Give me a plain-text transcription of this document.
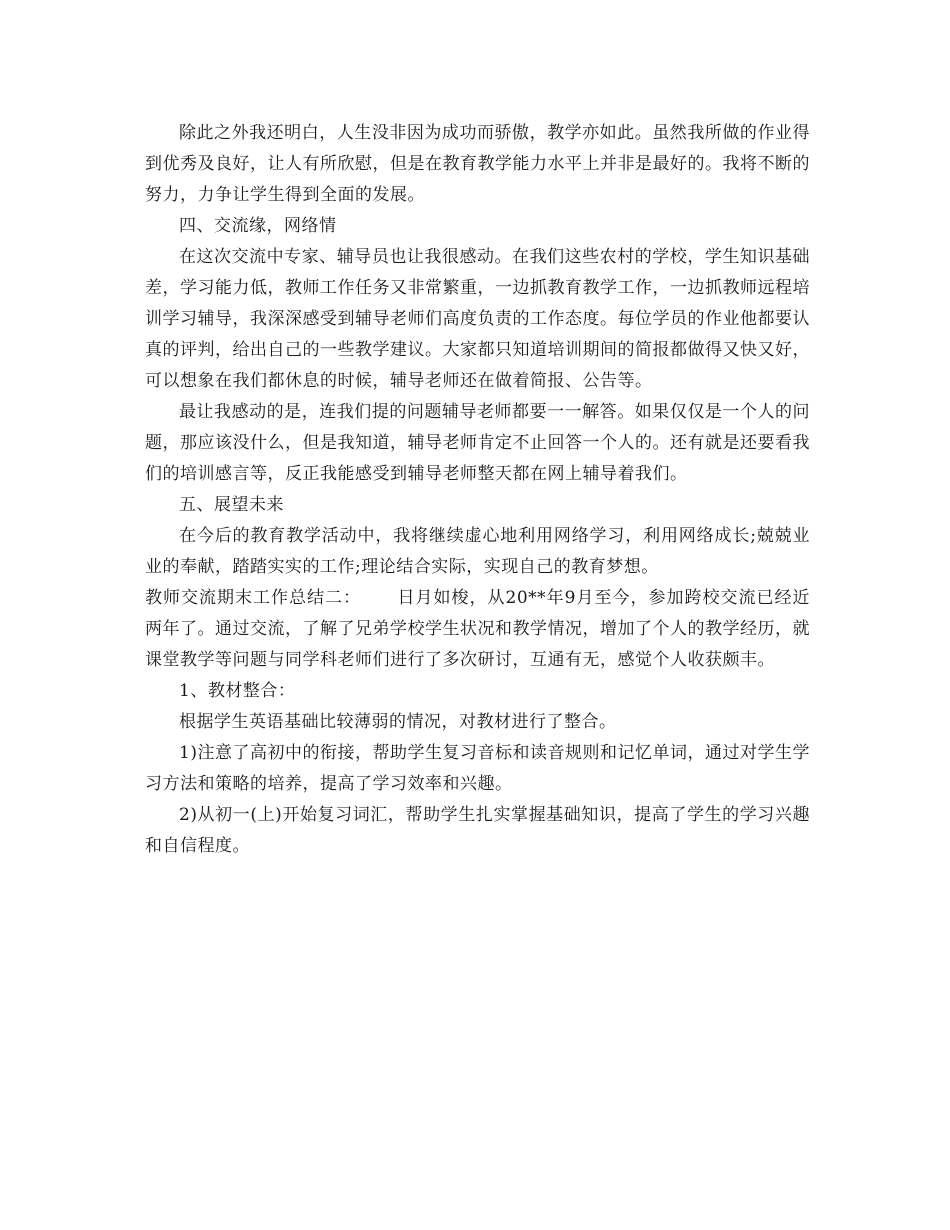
除此之外我还明白，人生没非因为成功而骄傲，教学亦如此。虽然我所做的作业得到优秀及良好，让人有所欣慰，但是在教育教学能力水平上并非是最好的。我将不断的努力，力争让学生得到全面的发展。

四、交流缘，网络情

在这次交流中专家、辅导员也让我很感动。在我们这些农村的学校，学生知识基础差，学习能力低，教师工作任务又非常繁重，一边抓教育教学工作，一边抓教师远程培训学习辅导，我深深感受到辅导老师们高度负责的工作态度。每位学员的作业他都要认真的评判，给出自己的一些教学建议。大家都只知道培训期间的简报都做得又快又好，可以想象在我们都休息的时候，辅导老师还在做着简报、公告等。

最让我感动的是，连我们提的问题辅导老师都要一一解答。如果仅仅是一个人的问题，那应该没什么，但是我知道，辅导老师肯定不止回答一个人的。还有就是还要看我们的培训感言等，反正我能感受到辅导老师整天都在网上辅导着我们。

五、展望未来

在今后的教育教学活动中，我将继续虚心地利用网络学习，利用网络成长;兢兢业业的奉献，踏踏实实的工作;理论结合实际，实现自己的教育梦想。

教师交流期末工作总结二： 日月如梭，从20**年9月至今，参加跨校交流已经近两年了。通过交流，了解了兄弟学校学生状况和教学情况，增加了个人的教学经历，就课堂教学等问题与同学科老师们进行了多次研讨，互通有无，感觉个人收获颇丰。

1、教材整合：

根据学生英语基础比较薄弱的情况，对教材进行了整合。

1)注意了高初中的衔接，帮助学生复习音标和读音规则和记忆单词，通过对学生学习方法和策略的培养，提高了学习效率和兴趣。

2)从初一(上)开始复习词汇，帮助学生扎实掌握基础知识，提高了学生的学习兴趣和自信程度。
